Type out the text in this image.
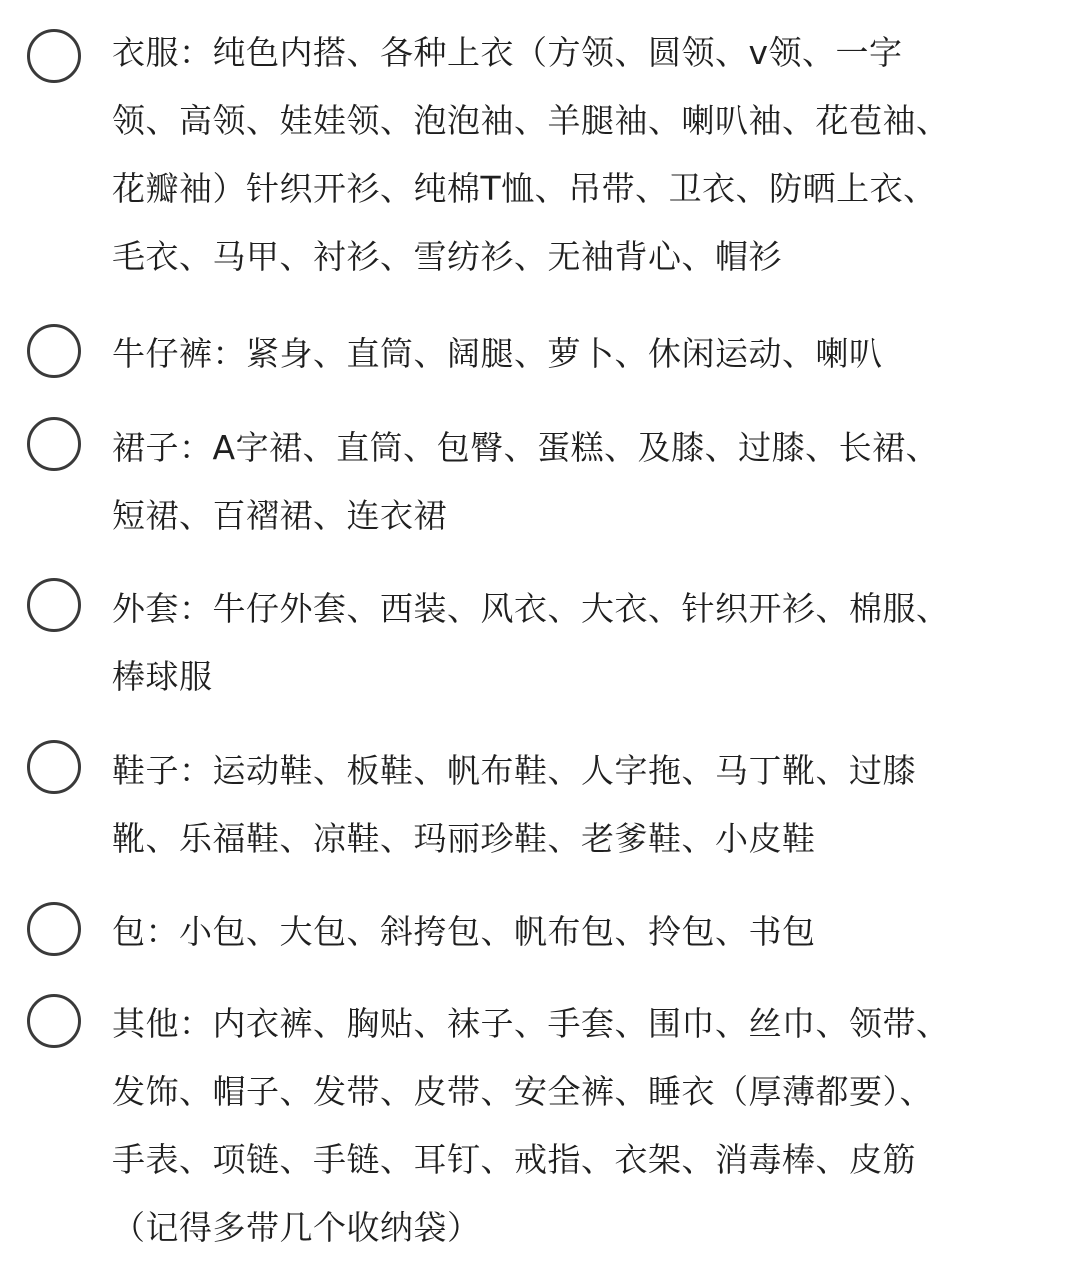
衣服：纯色内搭、各种上衣（方领、圆领、v领、一字
领、高领、娃娃领、泡泡袖、羊腿袖、喇叭袖、花苞袖、
花瓣袖）针织开衫、纯棉T恤、吊带、卫衣、防晒上衣、
毛衣、马甲、衬衫、雪纺衫、无袖背心、帽衫

牛仔裤：紧身、直筒、阔腿、萝卜、休闲运动、喇叭

裙子：A字裙、直筒、包臀、蛋糕、及膝、过膝、长裙、
短裙、百褶裙、连衣裙

外套：牛仔外套、西装、风衣、大衣、针织开衫、棉服、
棒球服

鞋子：运动鞋、板鞋、帆布鞋、人字拖、马丁靴、过膝
靴、乐福鞋、凉鞋、玛丽珍鞋、老爹鞋、小皮鞋

包：小包、大包、斜挎包、帆布包、拎包、书包

其他：内衣裤、胸贴、袜子、手套、围巾、丝巾、领带、
发饰、帽子、发带、皮带、安全裤、睡衣（厚薄都要）、
手表、项链、手链、耳钉、戒指、衣架、消毒棒、皮筋
（记得多带几个收纳袋）
